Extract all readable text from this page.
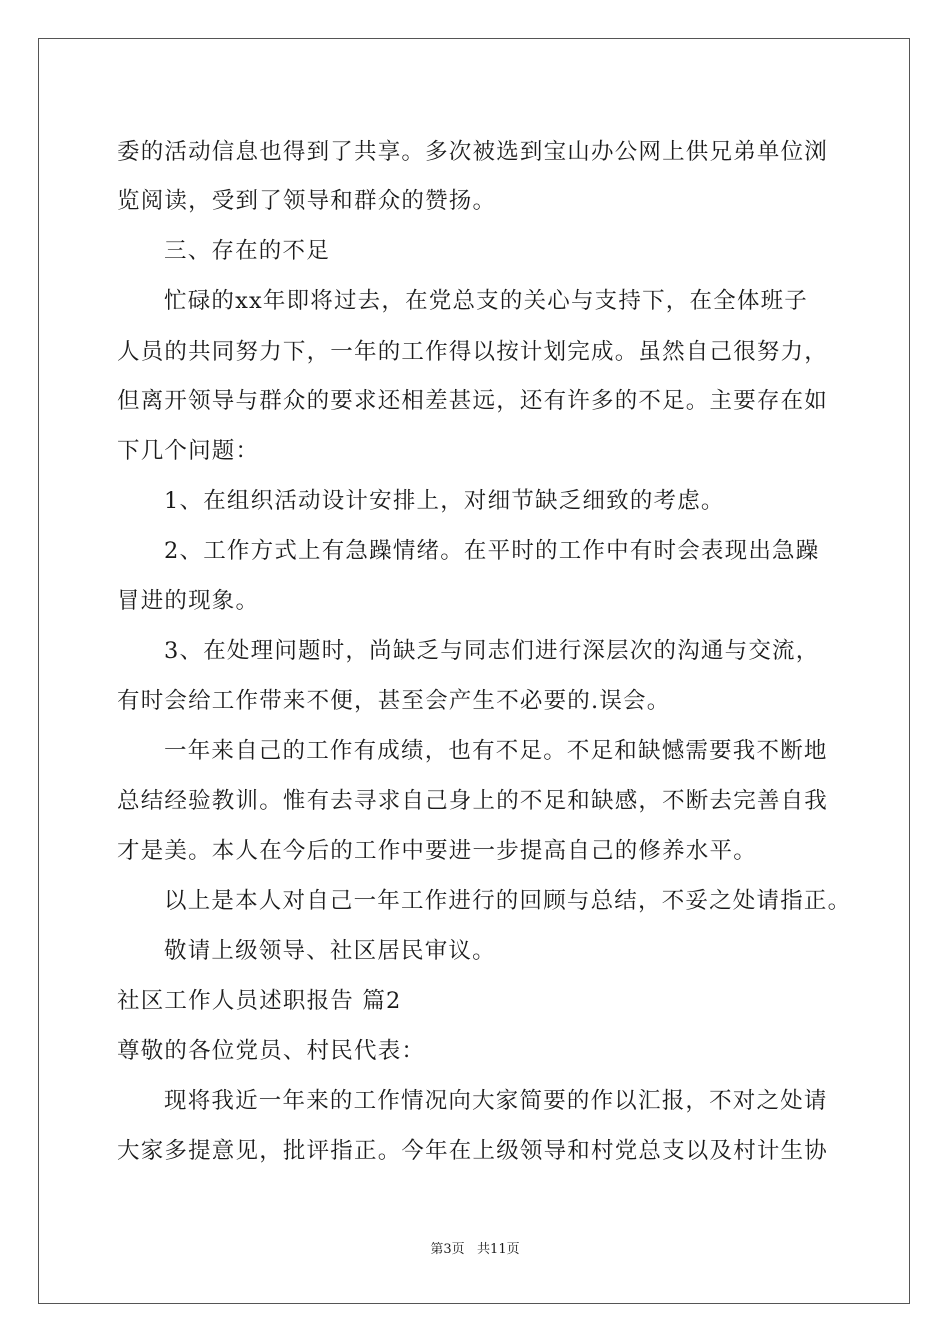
委的活动信息也得到了共享。多次被选到宝山办公网上供兄弟单位浏
览阅读，受到了领导和群众的赞扬。
三、存在的不足
忙碌的xx年即将过去，在党总支的关心与支持下，在全体班子
人员的共同努力下，一年的工作得以按计划完成。虽然自己很努力，
但离开领导与群众的要求还相差甚远，还有许多的不足。主要存在如
下几个问题：
1、在组织活动设计安排上，对细节缺乏细致的考虑。
2、工作方式上有急躁情绪。在平时的工作中有时会表现出急躁
冒进的现象。
3、在处理问题时，尚缺乏与同志们进行深层次的沟通与交流，
有时会给工作带来不便，甚至会产生不必要的.误会。
一年来自己的工作有成绩，也有不足。不足和缺憾需要我不断地
总结经验教训。惟有去寻求自己身上的不足和缺感，不断去完善自我
才是美。本人在今后的工作中要进一步提高自己的修养水平。
以上是本人对自己一年工作进行的回顾与总结，不妥之处请指正。
敬请上级领导、社区居民审议。
社区工作人员述职报告 篇2
尊敬的各位党员、村民代表：
现将我近一年来的工作情况向大家简要的作以汇报，不对之处请
大家多提意见，批评指正。今年在上级领导和村党总支以及村计生协
第3页   共11页
